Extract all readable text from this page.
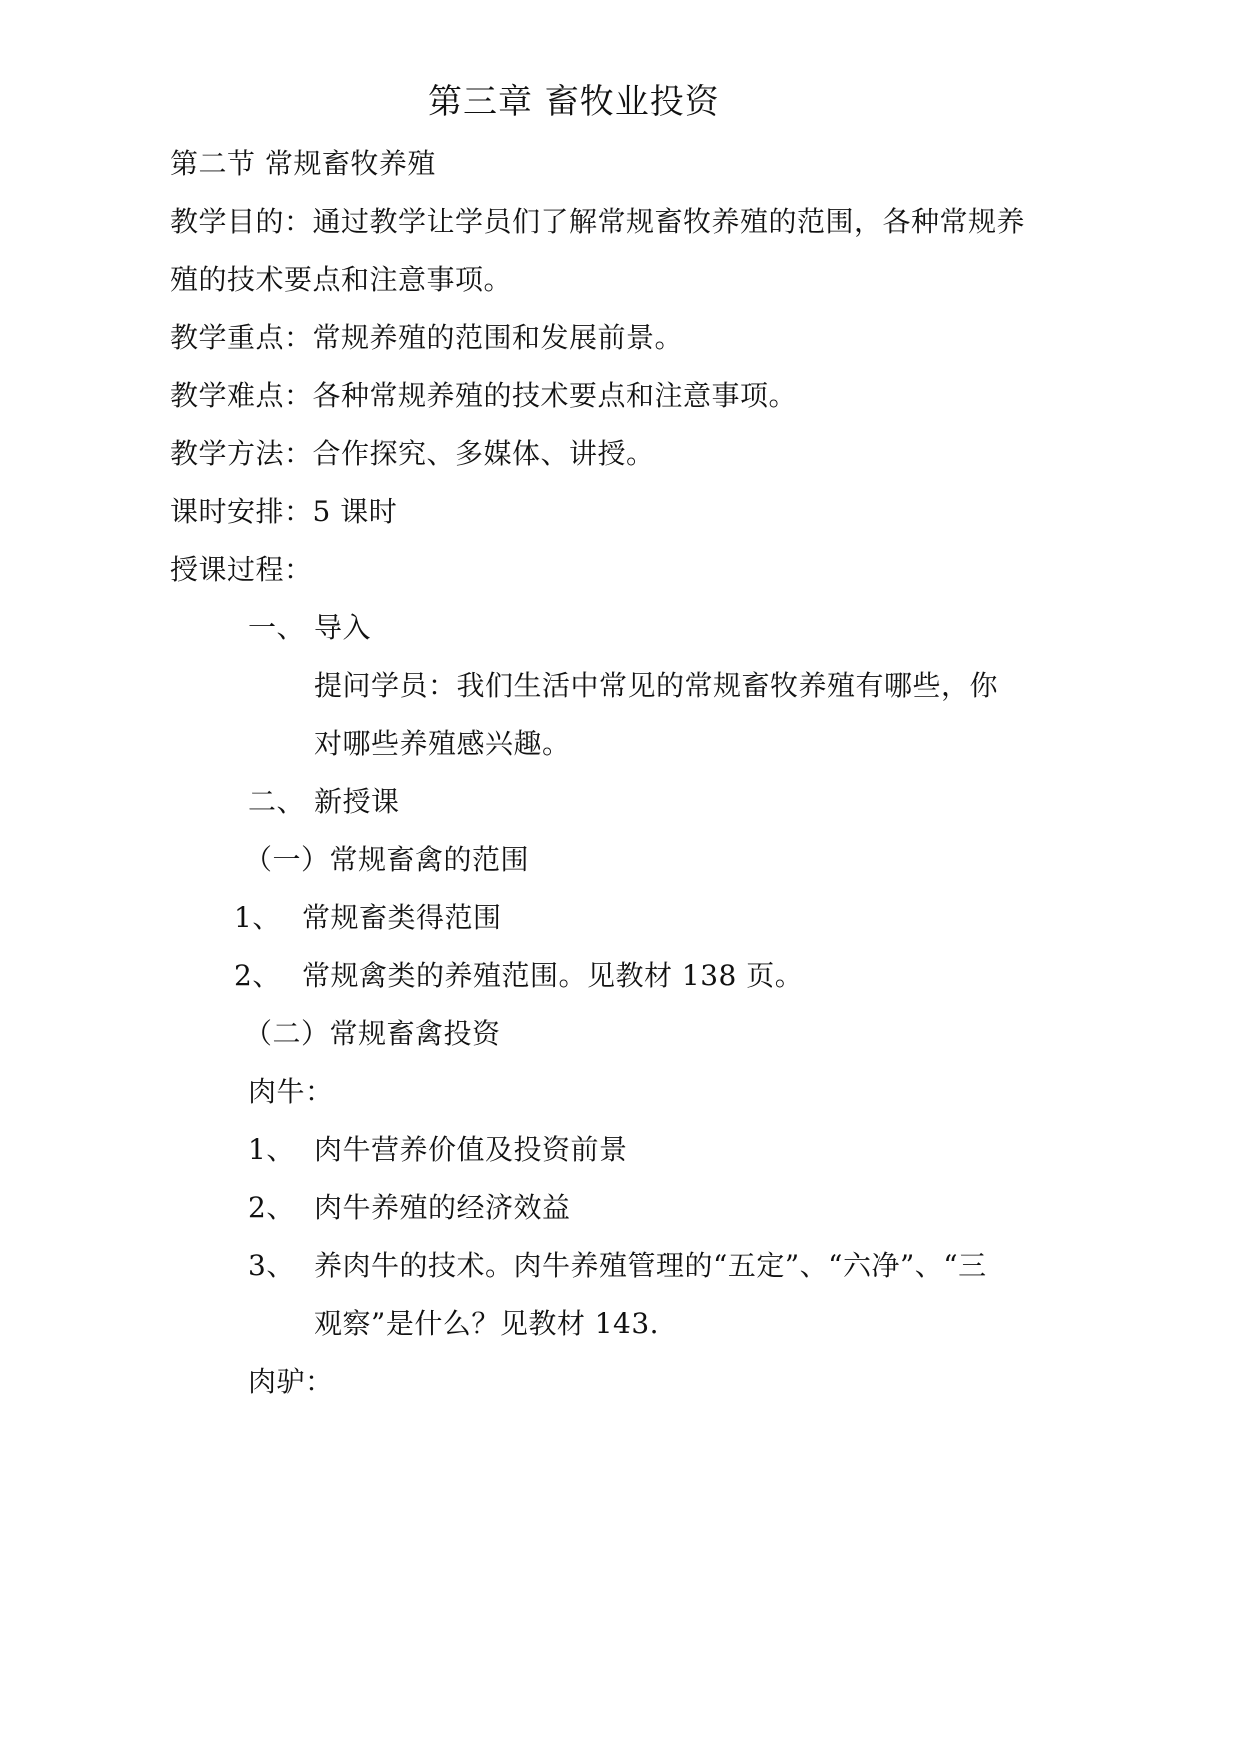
第三章 畜牧业投资
第二节 常规畜牧养殖
教学目的：通过教学让学员们了解常规畜牧养殖的范围，各种常规养
殖的技术要点和注意事项。
教学重点：常规养殖的范围和发展前景。
教学难点：各种常规养殖的技术要点和注意事项。
教学方法：合作探究、多媒体、讲授。
课时安排：5 课时
授课过程：
一、 导入
提问学员：我们生活中常见的常规畜牧养殖有哪些，你
对哪些养殖感兴趣。
二、 新授课
（一）常规畜禽的范围
1、 常规畜类得范围
2、 常规禽类的养殖范围。见教材 138 页。
（二）常规畜禽投资
肉牛：
1、 肉牛营养价值及投资前景
2、 肉牛养殖的经济效益
3、 养肉牛的技术。肉牛养殖管理的“五定”、“六净”、“三
观察”是什么？见教材 143.
肉驴：
